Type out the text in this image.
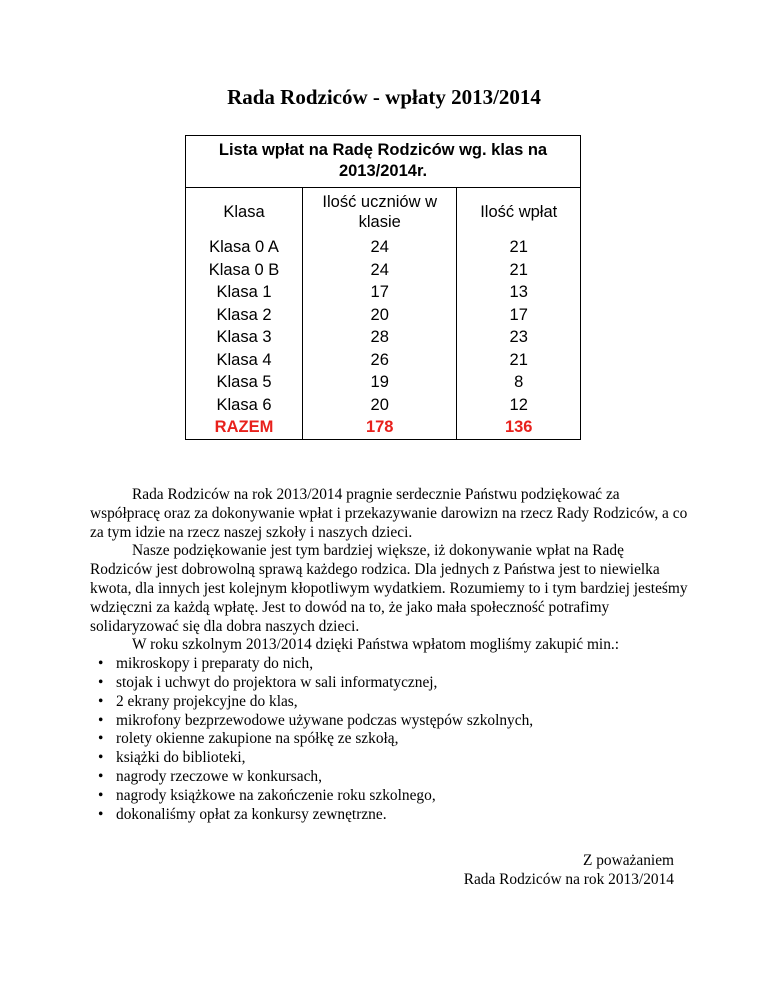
Rada Rodziców - wpłaty 2013/2014
Lista wpłat na Radę Rodziców wg. klas na 2013/2014r.		
Klasa	Ilość uczniów w klasie	Ilość wpłat
Klasa 0 A	24	21
Klasa 0 B	24	21
Klasa 1	17	13
Klasa 2	20	17
Klasa 3	28	23
Klasa 4	26	21
Klasa 5	19	8
Klasa 6	20	12
RAZEM	178	136

Rada Rodziców na rok 2013/2014 pragnie serdecznie Państwu podziękować za współpracę oraz za dokonywanie wpłat i przekazywanie darowizn na rzecz Rady Rodziców, a co za tym idzie na rzecz naszej szkoły i naszych dzieci.

Nasze podziękowanie jest tym bardziej większe, iż dokonywanie wpłat na Radę Rodziców jest dobrowolną sprawą każdego rodzica. Dla jednych z Państwa jest to niewielka kwota, dla innych jest kolejnym kłopotliwym wydatkiem. Rozumiemy to i tym bardziej jesteśmy wdzięczni za każdą wpłatę. Jest to dowód na to, że jako mała społeczność potrafimy solidaryzować się dla dobra naszych dzieci.

W roku szkolnym 2013/2014 dzięki Państwa wpłatom mogliśmy zakupić min.:

• mikroskopy i preparaty do nich,
• stojak i uchwyt do projektora w sali informatycznej,
• 2 ekrany projekcyjne do klas,
• mikrofony bezprzewodowe używane podczas występów szkolnych,
• rolety okienne zakupione na spółkę ze szkołą,
• książki do biblioteki,
• nagrody rzeczowe w konkursach,
• nagrody książkowe na zakończenie roku szkolnego,
• dokonaliśmy opłat za konkursy zewnętrzne.
Z poważaniem
Rada Rodziców na rok 2013/2014
